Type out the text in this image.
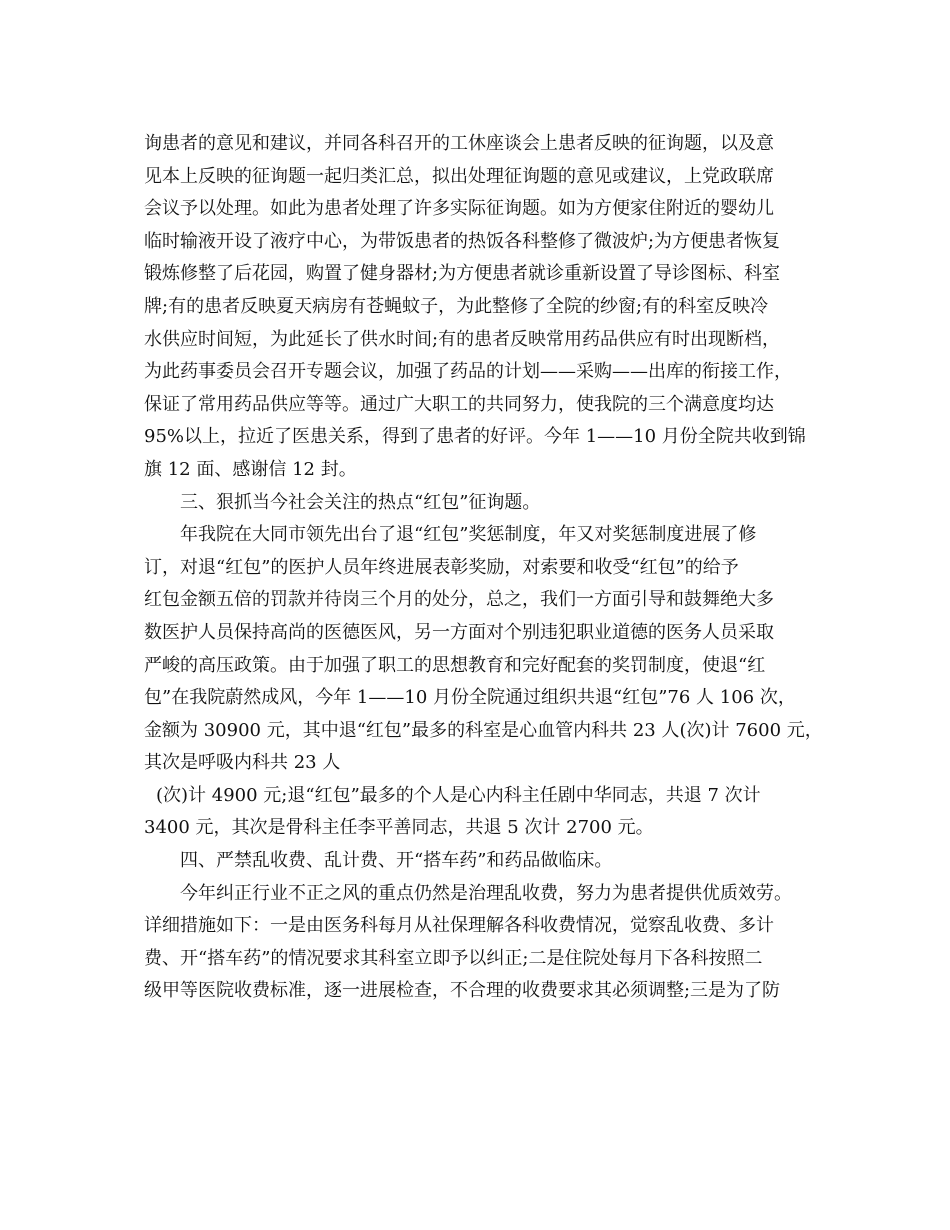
询患者的意见和建议，并同各科召开的工休座谈会上患者反映的征询题，以及意
见本上反映的征询题一起归类汇总，拟出处理征询题的意见或建议，上党政联席
会议予以处理。如此为患者处理了许多实际征询题。如为方便家住附近的婴幼儿
临时输液开设了液疗中心，为带饭患者的热饭各科整修了微波炉;为方便患者恢复
锻炼修整了后花园，购置了健身器材;为方便患者就诊重新设置了导诊图标、科室
牌;有的患者反映夏天病房有苍蝇蚊子，为此整修了全院的纱窗;有的科室反映冷
水供应时间短，为此延长了供水时间;有的患者反映常用药品供应有时出现断档，
为此药事委员会召开专题会议，加强了药品的计划——采购——出库的衔接工作，
保证了常用药品供应等等。通过广大职工的共同努力，使我院的三个满意度均达
95%以上，拉近了医患关系，得到了患者的好评。今年 1——10 月份全院共收到锦
旗 12 面、感谢信 12 封。
三、狠抓当今社会关注的热点“红包”征询题。
年我院在大同市领先出台了退“红包”奖惩制度，年又对奖惩制度进展了修
订，对退“红包”的医护人员年终进展表彰奖励，对索要和收受“红包”的给予
红包金额五倍的罚款并待岗三个月的处分，总之，我们一方面引导和鼓舞绝大多
数医护人员保持高尚的医德医风，另一方面对个别违犯职业道德的医务人员采取
严峻的高压政策。由于加强了职工的思想教育和完好配套的奖罚制度，使退“红
包”在我院蔚然成风，今年 1——10 月份全院通过组织共退“红包”76 人 106 次，
金额为 30900 元，其中退“红包”最多的科室是心血管内科共 23 人(次)计 7600 元，
其次是呼吸内科共 23 人
(次)计 4900 元;退“红包”最多的个人是心内科主任剧中华同志，共退 7 次计
3400 元，其次是骨科主任李平善同志，共退 5 次计 2700 元。
四、严禁乱收费、乱计费、开“搭车药”和药品做临床。
今年纠正行业不正之风的重点仍然是治理乱收费，努力为患者提供优质效劳。
详细措施如下：一是由医务科每月从社保理解各科收费情况，觉察乱收费、多计
费、开“搭车药”的情况要求其科室立即予以纠正;二是住院处每月下各科按照二
级甲等医院收费标准，逐一进展检查，不合理的收费要求其必须调整;三是为了防
